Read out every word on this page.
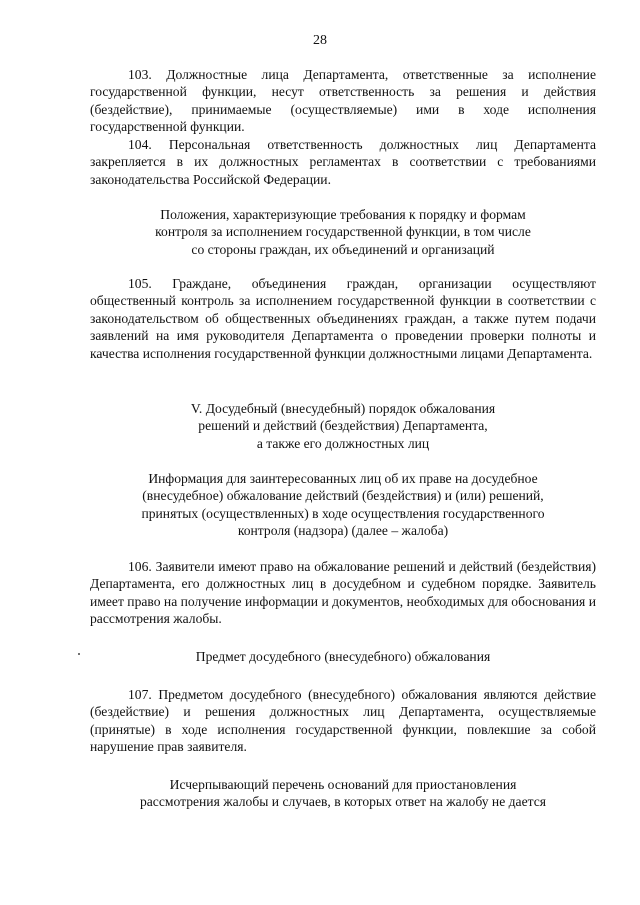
28

103. Должностные лица Департамента, ответственные за исполнение государственной функции, несут ответственность за решения и действия (бездействие), принимаемые (осуществляемые) ими в ходе исполнения государственной функции.

104. Персональная ответственность должностных лиц Департамента закрепляется в их должностных регламентах в соответствии с требованиями законодательства Российской Федерации.

Положения, характеризующие требования к порядку и формам
контроля за исполнением государственной функции, в том числе
со стороны граждан, их объединений и организаций

105. Граждане, объединения граждан, организации осуществляют общественный контроль за исполнением государственной функции в соответствии с законодательством об общественных объединениях граждан, а также путем подачи заявлений на имя руководителя Департамента о проведении проверки полноты и качества исполнения государственной функции должностными лицами Департамента.

V. Досудебный (внесудебный) порядок обжалования
решений и действий (бездействия) Департамента,
а также его должностных лиц

Информация для заинтересованных лиц об их праве на досудебное
(внесудебное) обжалование действий (бездействия) и (или) решений,
принятых (осуществленных) в ходе осуществления государственного
контроля (надзора) (далее – жалоба)

106. Заявители имеют право на обжалование решений и действий (бездействия) Департамента, его должностных лиц в досудебном и судебном порядке. Заявитель имеет право на получение информации и документов, необходимых для обоснования и рассмотрения жалобы.

Предмет досудебного (внесудебного) обжалования

107. Предметом досудебного (внесудебного) обжалования являются действие (бездействие) и решения должностных лиц Департамента, осуществляемые (принятые) в ходе исполнения государственной функции, повлекшие за собой нарушение прав заявителя.

Исчерпывающий перечень оснований для приостановления
рассмотрения жалобы и случаев, в которых ответ на жалобу не дается
